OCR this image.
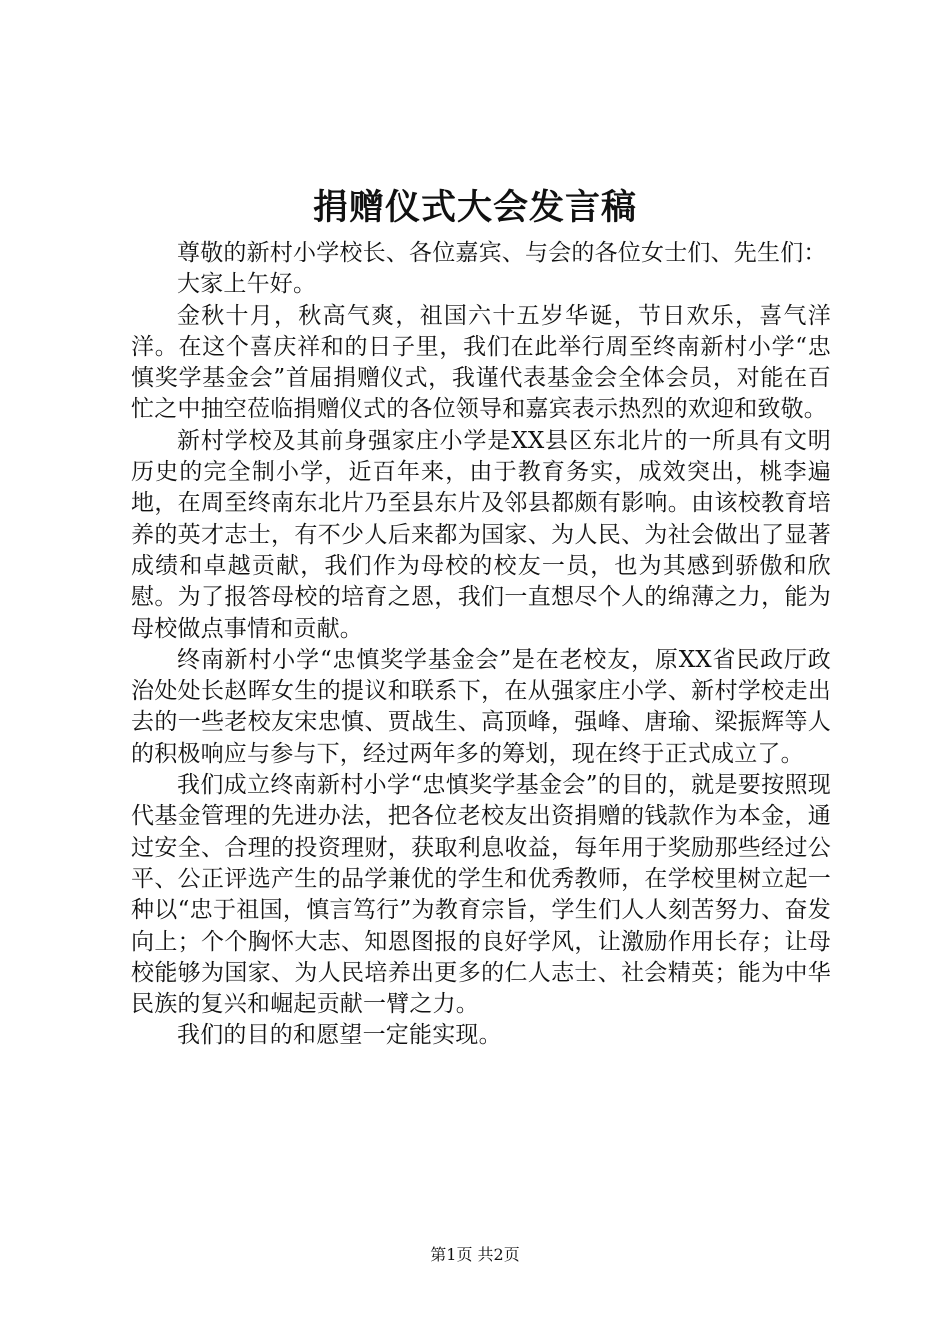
捐赠仪式大会发言稿

尊敬的新村小学校长、各位嘉宾、与会的各位女士们、先生们：

大家上午好。

金秋十月，秋高气爽，祖国六十五岁华诞，节日欢乐，喜气洋洋。在这个喜庆祥和的日子里，我们在此举行周至终南新村小学“忠慎奖学基金会”首届捐赠仪式，我谨代表基金会全体会员，对能在百忙之中抽空莅临捐赠仪式的各位领导和嘉宾表示热烈的欢迎和致敬。

新村学校及其前身强家庄小学是XX县区东北片的一所具有文明历史的完全制小学，近百年来，由于教育务实，成效突出，桃李遍地，在周至终南东北片乃至县东片及邻县都颇有影响。由该校教育培养的英才志士，有不少人后来都为国家、为人民、为社会做出了显著成绩和卓越贡献，我们作为母校的校友一员，也为其感到骄傲和欣慰。为了报答母校的培育之恩，我们一直想尽个人的绵薄之力，能为母校做点事情和贡献。

终南新村小学“忠慎奖学基金会”是在老校友，原XX省民政厅政治处处长赵晖女生的提议和联系下，在从强家庄小学、新村学校走出去的一些老校友宋忠慎、贾战生、高顶峰，强峰、唐瑜、梁振辉等人的积极响应与参与下，经过两年多的筹划，现在终于正式成立了。

我们成立终南新村小学“忠慎奖学基金会”的目的，就是要按照现代基金管理的先进办法，把各位老校友出资捐赠的钱款作为本金，通过安全、合理的投资理财，获取利息收益，每年用于奖励那些经过公平、公正评选产生的品学兼优的学生和优秀教师，在学校里树立起一种以“忠于祖国，慎言笃行”为教育宗旨，学生们人人刻苦努力、奋发向上；个个胸怀大志、知恩图报的良好学风，让激励作用长存；让母校能够为国家、为人民培养出更多的仁人志士、社会精英；能为中华民族的复兴和崛起贡献一臂之力。

我们的目的和愿望一定能实现。

第1页 共2页
